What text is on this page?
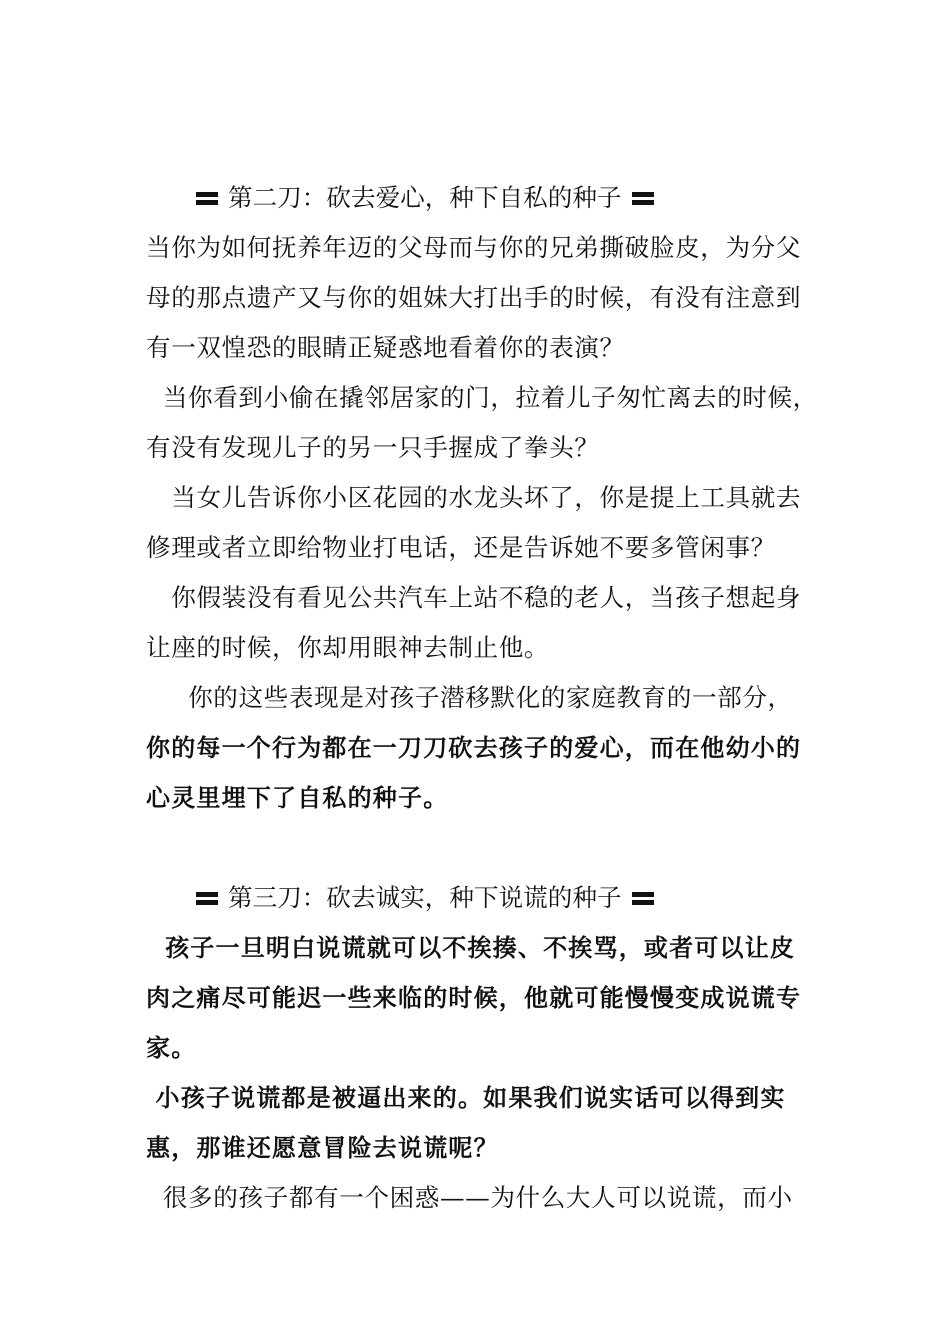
第二刀：砍去爱心，种下自私的种子
当你为如何抚养年迈的父母而与你的兄弟撕破脸皮，为分父
母的那点遗产又与你的姐妹大打出手的时候，有没有注意到
有一双惶恐的眼睛正疑惑地看着你的表演？
当你看到小偷在撬邻居家的门，拉着儿子匆忙离去的时候，
有没有发现儿子的另一只手握成了拳头？
当女儿告诉你小区花园的水龙头坏了，你是提上工具就去
修理或者立即给物业打电话，还是告诉她不要多管闲事？
你假装没有看见公共汽车上站不稳的老人，当孩子想起身
让座的时候，你却用眼神去制止他。
你的这些表现是对孩子潜移默化的家庭教育的一部分，
你的每一个行为都在一刀刀砍去孩子的爱心，而在他幼小的
心灵里埋下了自私的种子。
第三刀：砍去诚实，种下说谎的种子
孩子一旦明白说谎就可以不挨揍、不挨骂，或者可以让皮
肉之痛尽可能迟一些来临的时候，他就可能慢慢变成说谎专
家。
小孩子说谎都是被逼出来的。如果我们说实话可以得到实
惠，那谁还愿意冒险去说谎呢？
很多的孩子都有一个困惑——为什么大人可以说谎，而小
